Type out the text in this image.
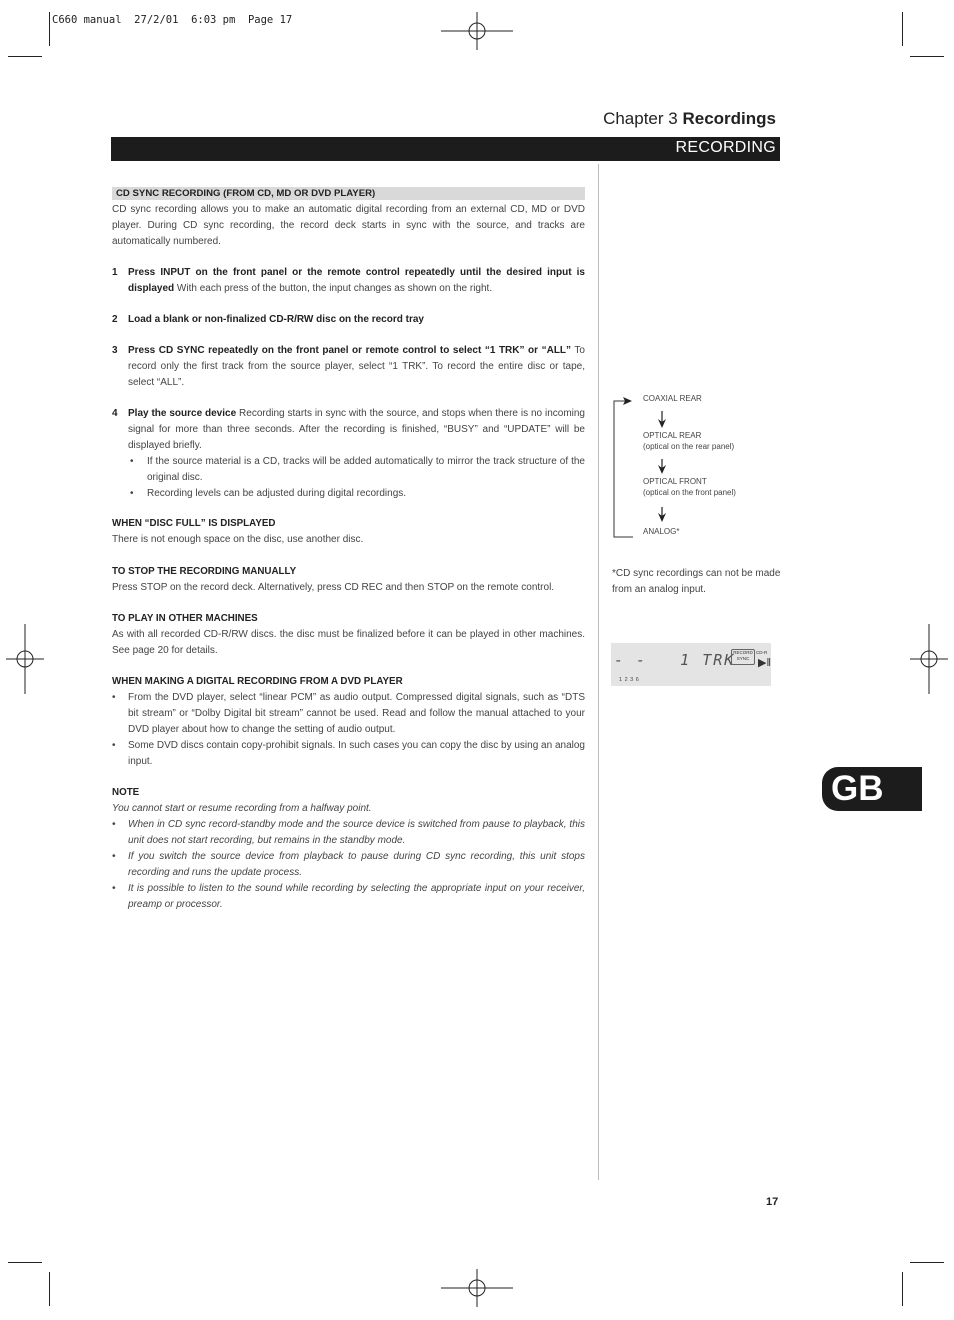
C660 manual  27/2/01  6:03 pm  Page 17
Chapter 3 Recordings
RECORDING
CD SYNC RECORDING (FROM CD, MD OR DVD PLAYER)

CD sync recording allows you to make an automatic digital recording from an external CD, MD or DVD player. During CD sync recording, the record deck starts in sync with the source, and tracks are automatically numbered.

1	Press INPUT on the front panel or the remote control repeatedly until the desired input is displayed With each press of the button, the input changes as shown on the right.
2	Load a blank or non-finalized CD-R/RW disc on the record tray
3	Press CD SYNC repeatedly on the front panel or remote control to select “1 TRK” or “ALL” To record only the first track from the source player, select “1 TRK”. To record the entire disc or tape, select “ALL”.
4	Play the source device Recording starts in sync with the source, and stops when there is no incoming signal for more than three seconds. After the recording is finished, “BUSY” and “UPDATE” will be displayed briefly.
•	If the source material is a CD, tracks will be added automatically to mirror the track structure of the original disc.
•	Recording levels can be adjusted during digital recordings.
WHEN “DISC FULL” IS DISPLAYED

There is not enough space on the disc, use another disc.

TO STOP THE RECORDING MANUALLY

Press STOP on the record deck. Alternatively, press CD REC and then STOP on the remote control.

TO PLAY IN OTHER MACHINES

As with all recorded CD-R/RW discs. the disc must be finalized before it can be played in other machines. See page 20 for details.

WHEN MAKING A DIGITAL RECORDING FROM A DVD PLAYER
•	From the DVD player, select “linear PCM” as audio output. Compressed digital signals, such as “DTS bit stream” or “Dolby Digital bit stream” cannot be used. Read and follow the manual attached to your DVD player about how to change the setting of audio output.
•	Some DVD discs contain copy-prohibit signals. In such cases you can copy the disc by using an analog input.
NOTE

You cannot start or resume recording from a halfway point.

•	When in CD sync record-standby mode and the source device is switched from pause to playback, this unit does not start recording, but remains in the standby mode.
•	If you switch the source device from playback to pause during CD sync recording, this unit stops recording and runs the update process.
•	It is possible to listen to the sound while recording by selecting the appropriate input on your receiver, preamp or processor.
COAXIAL REAR
OPTICAL REAR
(optical on the rear panel)
OPTICAL FRONT
(optical on the front panel)
ANALOG*
*CD sync recordings can not be made from an analog input.
- -   1 TRK
RECORD
SYNC
CD-R
▶‖
1 2 3 6
17
GB
